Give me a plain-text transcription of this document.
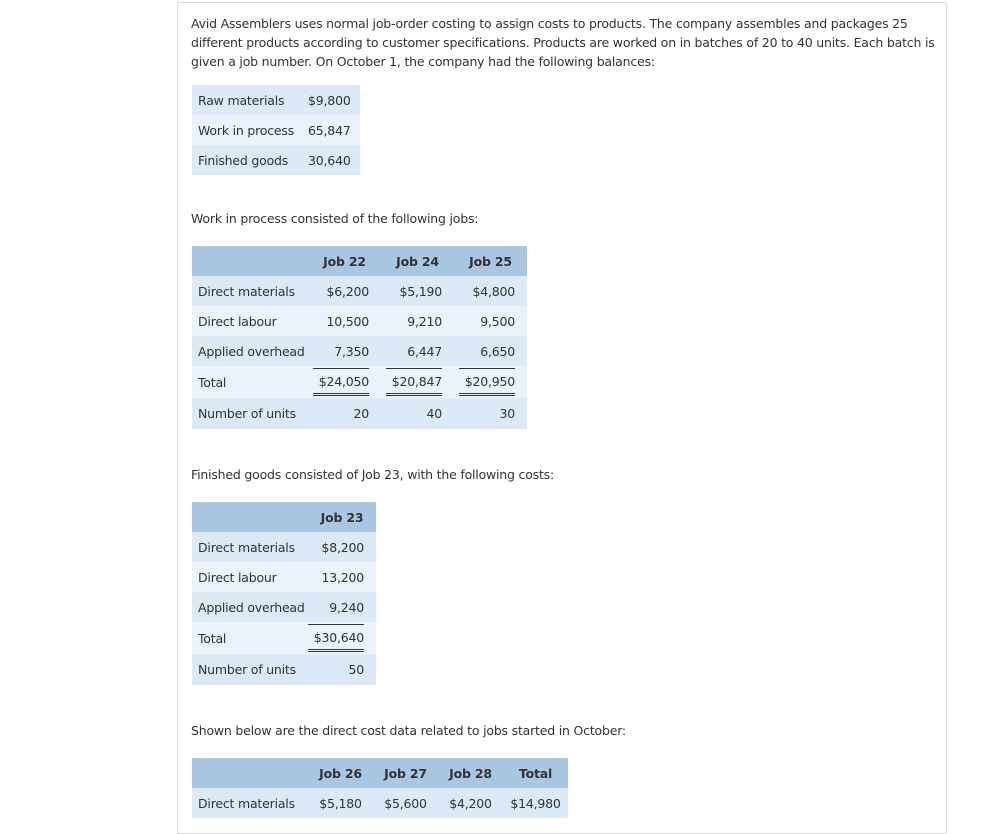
Avid Assemblers uses normal job-order costing to assign costs to products. The company assembles and packages 25 different products according to customer specifications. Products are worked on in batches of 20 to 40 units. Each batch is given a job number. On October 1, the company had the following balances:
Raw materials	$9,800
Work in process	65,847
Finished goods	30,640
Work in process consisted of the following jobs:
	Job 22	Job 24	Job 25
Direct materials	$6,200	$5,190	$4,800
Direct labour	10,500	9,210	9,500
Applied overhead	7,350	6,447	6,650
Total	$24,050	$20,847	$20,950
Number of units	20	40	30
Finished goods consisted of Job 23, with the following costs:
	Job 23
Direct materials	$8,200
Direct labour	13,200
Applied overhead	9,240
Total	$30,640
Number of units	50
Shown below are the direct cost data related to jobs started in October:
	Job 26	Job 27	Job 28	Total
Direct materials	$5,180	$5,600	$4,200	$14,980
